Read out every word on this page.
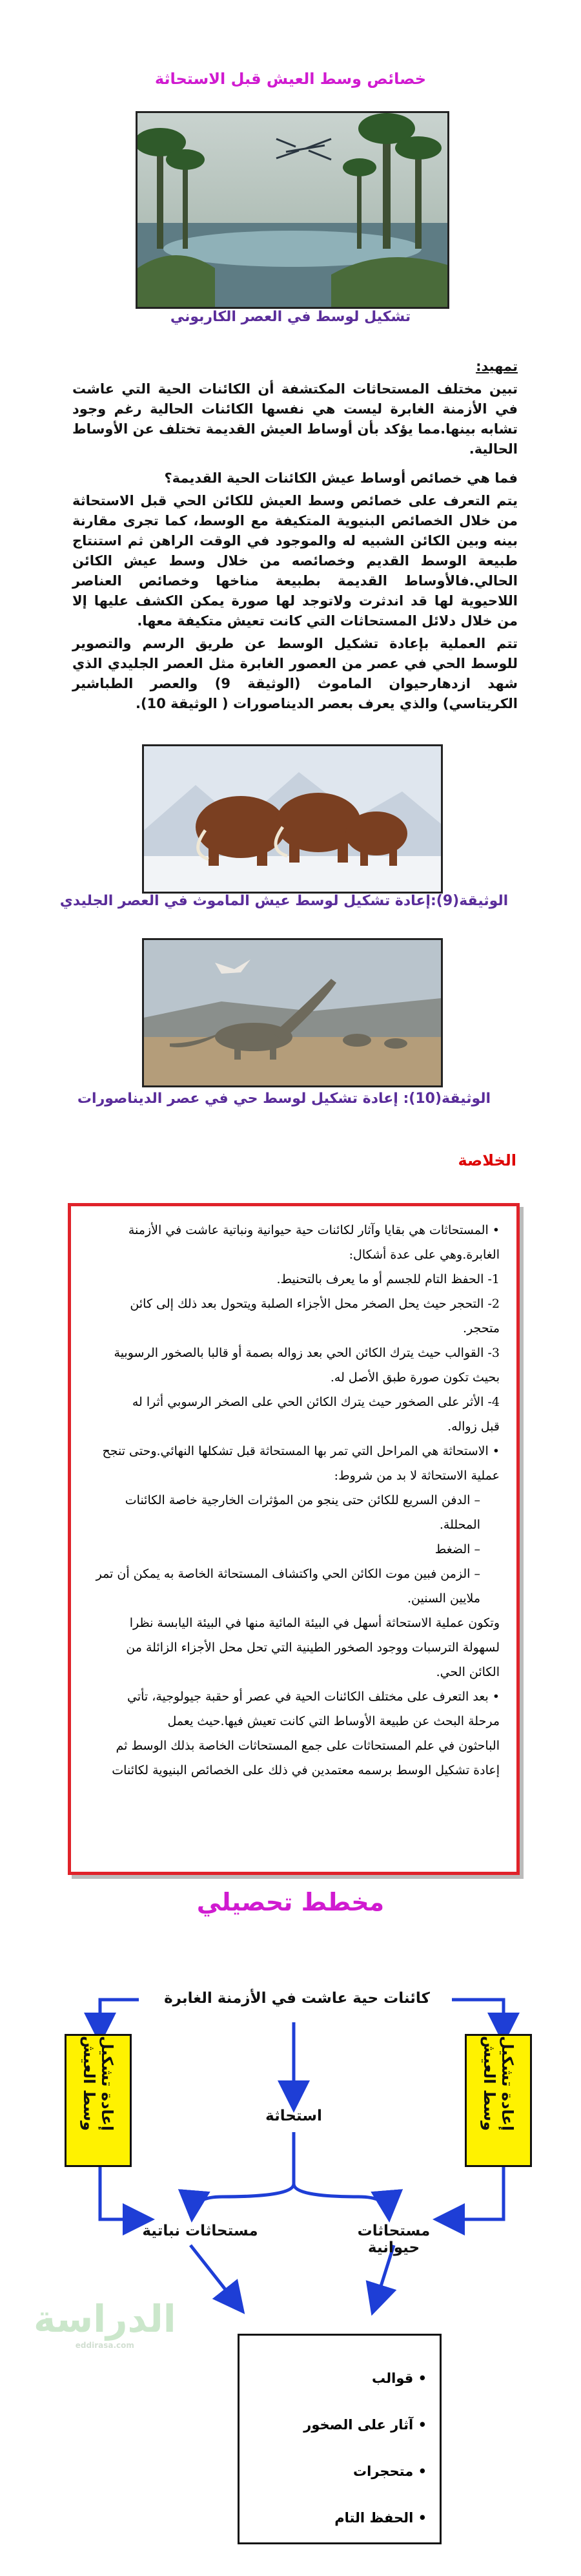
خصائص وسط العيش قبل الاستحاثة
تشكيل لوسط في العصر الكاربوني

تمهيد:

تبين مختلف المستحاثات المكتشفة أن الكائنات الحية التي عاشت في الأزمنة الغابرة ليست هي نفسها الكائنات الحالية رغم وجود تشابه بينها.مما يؤكد بأن أوساط العيش القديمة تختلف عن الأوساط الحالية.

فما هي خصائص أوساط عيش الكائنات الحية القديمة؟

يتم التعرف على خصائص وسط العيش للكائن الحي قبل الاستحاثة من خلال الخصائص البنيوية المتكيفة مع الوسط، كما تجرى مقارنة بينه وبين الكائن الشبيه له والموجود في الوقت الراهن ثم استنتاج طبيعة الوسط القديم وخصائصه من خلال وسط عيش الكائن الحالي.فالأوساط القديمة بطبيعة مناخها وخصائص العناصر اللاحيوية لها قد اندثرت ولاتوجد لها صورة يمكن الكشف عليها إلا من خلال دلائل المستحاثات التي كانت تعيش متكيفة معها.

تتم العملية بإعادة تشكيل الوسط عن طريق الرسم والتصوير للوسط الحي في عصر من العصور الغابرة مثل العصر الجليدي الذي شهد ازدهارحيوان الماموث (الوثيقة 9) والعصر الطباشير الكريتاسي) والذي يعرف بعصر الديناصورات ( الوثيقة 10).

الوثيقة(9):إعادة تشكيل لوسط عيش الماموث في العصر الجليدي
الوثيقة(10): إعادة تشكيل لوسط حي في عصر الديناصورات
الخلاصة
• المستحاثات هي بقايا وآثار لكائنات حية حيوانية ونباتية عاشت في الأزمنة
الغابرة.وهي على عدة أشكال:
1- الحفظ التام للجسم أو ما يعرف بالتحنيط.
2- التحجر حيث يحل الصخر محل الأجزاء الصلبة ويتحول بعد ذلك إلى كائن
متحجر.
3- القوالب حيث يترك الكائن الحي بعد زواله بصمة أو قالبا بالصخور الرسوبية
بحيث تكون صورة طبق الأصل له.
4- الأثر على الصخور حيث يترك الكائن الحي على الصخر الرسوبي أثرا له
قبل زواله.
• الاستحاثة هي المراحل التي تمر بها المستحاثة قبل تشكلها النهائي.وحتى تنجح
عملية الاستحاثة لا بد من شروط:
– الدفن السريع للكائن حتى ينجو من المؤثرات الخارجية خاصة الكائنات
المحللة.
– الضغط
– الزمن فبين موت الكائن الحي واكتشاف المستحاثة الخاصة به يمكن أن تمر
ملايين السنين.
وتكون عملية الاستحاثة أسهل في البيئة المائية منها في البيئة اليابسة نظرا
لسهولة الترسبات ووجود الصخور الطينية التي تحل محل الأجزاء الزائلة من
الكائن الحي.
• بعد التعرف على مختلف الكائنات الحية في عصر أو حقبة جيولوجية، تأتي
مرحلة البحث عن طبيعة الأوساط التي كانت تعيش فيها.حيث يعمل
الباحثون في علم المستحاثات على جمع المستحاثات الخاصة بذلك الوسط ثم
إعادة تشكيل الوسط برسمه معتمدين في ذلك على الخصائص البنيوية لكائنات
مخطط تحصيلي
كائنات حية عاشت في الأزمنة الغابرة
استحاثة
مستحاثات نباتية	مستحاثات حيوانية
إعادة تشكيل وسط العيش	إعادة تشكيل وسط العيش
• قوالب
• آثار على الصخور
• متحجرات
• الحفظ التام
الدراسة
eddirasa.com
